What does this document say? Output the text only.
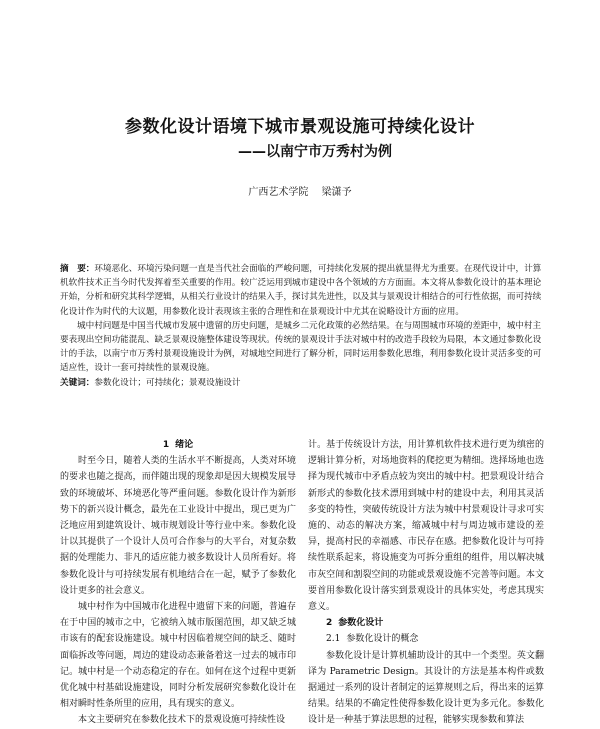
参数化设计语境下城市景观设施可持续化设计
——以南宁市万秀村为例
广西艺术学院 梁潇予

摘　要：环境恶化、环境污染问题一直是当代社会面临的严峻问题，可持续化发展的提出就显得尤为重要。在现代设计中，计算机软件技术正当今时代发挥着至关重要的作用。较广泛运用到城市建设中各个领域的方方面面。本文将从参数化设计的基本理论开始，分析和研究其科学逻辑，从相关行业设计的结果入手，探讨其先进性，以及其与景观设计相结合的可行性依据，而可持续化设计作为时代的大议题，用参数化设计表现该主张的合理性和在景观设计中尤其在说略设计方面的应用。

城中村问题是中国当代城市发展中遗留的历史问题，是城乡二元化政策的必然结果。在与周围城市环境的差距中，城中村主要表现出空间功能混乱、缺乏景观设施整体建设等现状。传统的景观设计手法对城中村的改造手段较为局限，本文通过参数化设计的手法，以南宁市万秀村景观设施设计为例，对城地空间进行了解分析，同时运用参数化思维，利用参数化设计灵活多变的可适应性，设计一套可持续性的景观设施。

关键词：参数化设计；可持续化；景观设施设计

1 绪论

时至今日，随着人类的生活水平不断提高，人类对环境的要求也随之提高，而伴随出现的现象却是因大规模发展导致的环境破坏、环境恶化等严重问题。参数化设计作为新形势下的新兴设计概念，最先在工业设计中提出，现已更为广泛地应用到建筑设计、城市规划设计等行业中来。参数化设计以其提供了一个设计人员可合作参与的大平台，对复杂数据的处理能力、非凡的适应能力被多数设计人员所看好。将参数化设计与可持续发展有机地结合在一起，赋予了参数化设计更多的社会意义。

城中村作为中国城市化进程中遗留下来的问题，普遍存在于中国的城市之中，它被纳入城市版图范围，却又缺乏城市该有的配套设施建设。城中村因临着规空间的缺乏、随时面临拆改等问题，周边的建设动态兼备着这一过去的城市印记。城中村是一个动态稳定的存在。如何在这个过程中更新优化城中村基础设施建设，同时分析发展研究参数化设计在相对瞬时性条所里的应用，具有现实的意义。

本文主要研究在参数化技术下的景观设施可持续性设

计。基于传统设计方法，用计算机软件技术进行更为缜密的逻辑计算分析，对场地资料的爬挖更为精细。选择场地也选择为现代城市中矛盾点较为突出的城中村。把景观设计结合新形式的参数化技术漂用到城中村的建设中去，利用其灵活多变的特性，突破传统设计方法为城中村景观设计寻求可实施的、动态的解决方案，缩减城中村与周边城市建设的差异，提高村民的幸福感、市民存在感。把参数化设计与可持续性联系起来，将设施变为可拆分重组的组件，用以解决城市灰空间和割裂空间的功能或景观设施不完善等问题。本文要首用参数化设计落实到景观设计的具体实处，考虑其现实意义。

2 参数化设计
2.1 参数化设计的概念

参数化设计是计算机辅助设计的其中一个类型。英文翻译为 Parametric Design。其设计的方法是基本构件或数据通过一系列的设计者制定的运算规则之后，得出来的运算结果。结果的不确定性使得参数化设计更为多元化。参数化设计是一种基于算法思想的过程，能够实现参数和算法
